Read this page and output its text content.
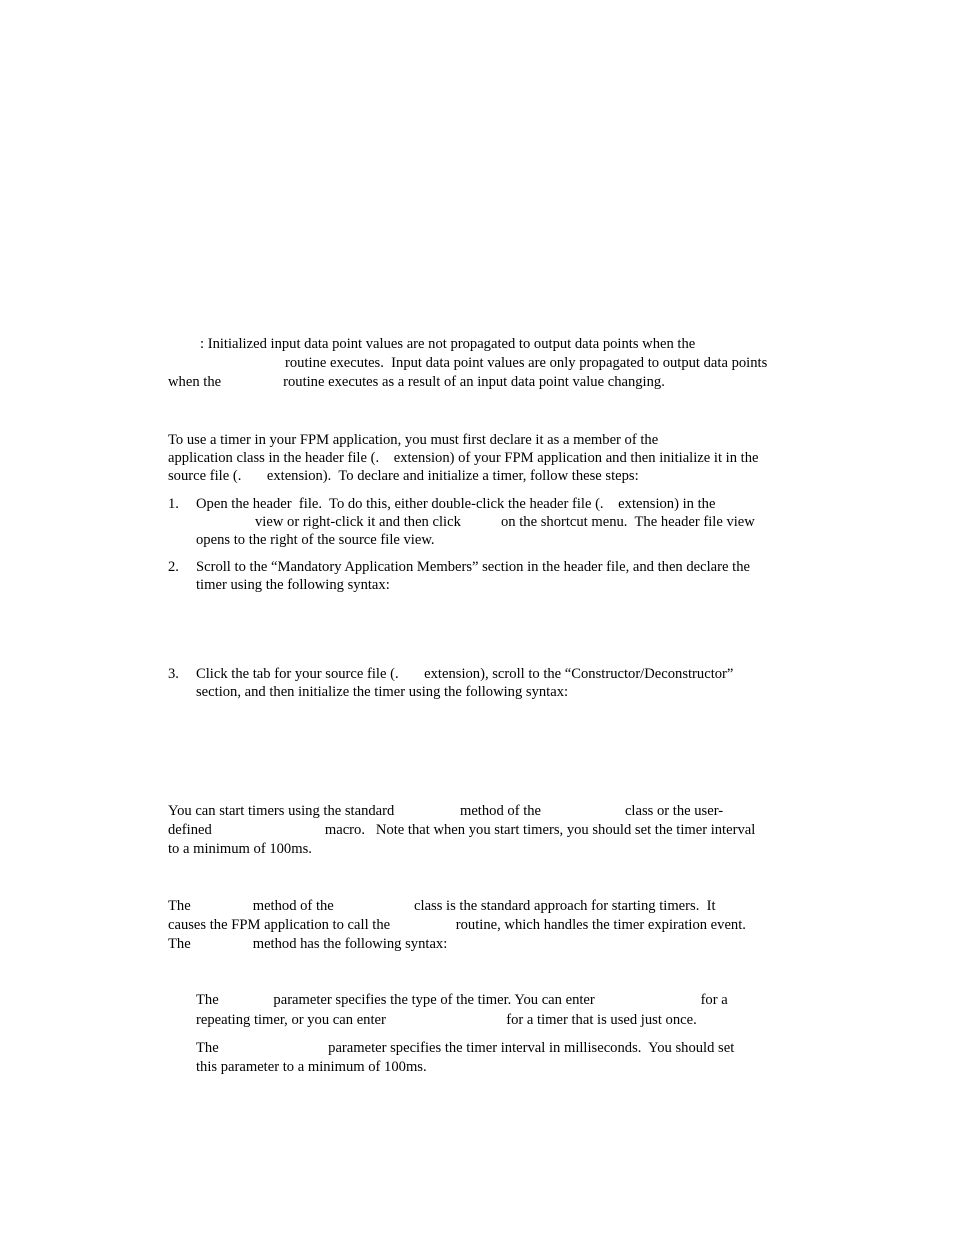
: Initialized input data point values are not propagated to output data points when the
routine executes.  Input data point values are only propagated to output data points
when the                 routine executes as a result of an input data point value changing.
To use a timer in your FPM application, you must first declare it as a member of the
application class in the header file (.    extension) of your FPM application and then initialize it in the
source file (.       extension).  To declare and initialize a timer, follow these steps:
1. Open the header  file.  To do this, either double-click the header file (.    extension) in the
view or right-click it and then click           on the shortcut menu.  The header file view
opens to the right of the source file view.
2. Scroll to the “Mandatory Application Members” section in the header file, and then declare the
timer using the following syntax:
3. Click the tab for your source file (.       extension), scroll to the “Constructor/Deconstructor”
section, and then initialize the timer using the following syntax:
You can start timers using the standard                  method of the                       class or the user-
defined                               macro.   Note that when you start timers, you should set the timer interval
to a minimum of 100ms.
The                 method of the                      class is the standard approach for starting timers.  It
causes the FPM application to call the                  routine, which handles the timer expiration event.
The                 method has the following syntax:
The               parameter specifies the type of the timer. You can enter                             for a
repeating timer, or you can enter                                 for a timer that is used just once.
The                              parameter specifies the timer interval in milliseconds.  You should set
this parameter to a minimum of 100ms.
